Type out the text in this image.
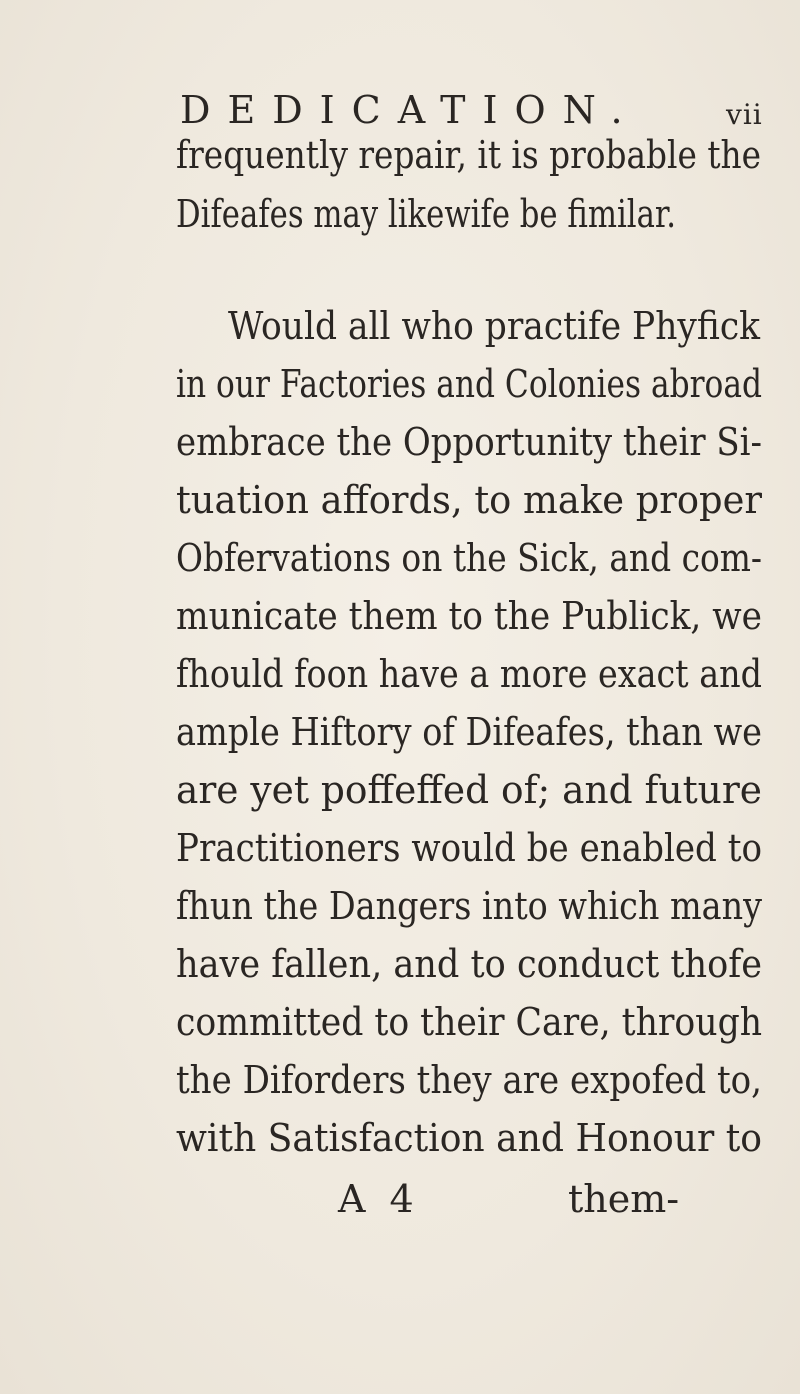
DEDICATION.	vii
frequently repair, it is probable the
Difeafes may likewife be fimilar.
Would all who practife Phyfick
in our Factories and Colonies abroad
embrace the Opportunity their Si-
tuation affords, to make proper
Obfervations on the Sick, and com-
municate them to the Publick, we
fhould foon have a more exact and
ample Hiftory of Difeafes, than we
are yet poffeffed of; and future
Practitioners would be enabled to
fhun the Dangers into which many
have fallen, and to conduct thofe
committed to their Care, through
the Diforders they are expofed to,
with Satisfaction and Honour to
A 4	them-
